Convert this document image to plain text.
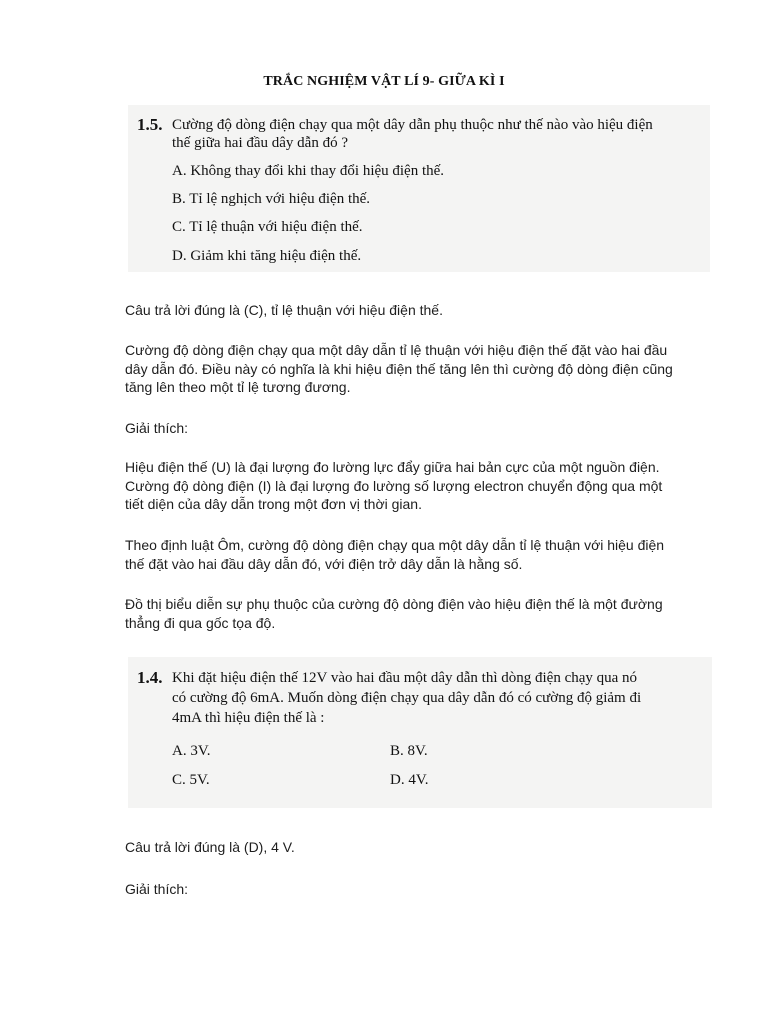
TRẮC NGHIỆM VẬT LÍ 9- GIỮA KÌ I
1.5. Cường độ dòng điện chạy qua một dây dẫn phụ thuộc như thế nào vào hiệu điện
thế giữa hai đầu dây dẫn đó ?
A. Không thay đổi khi thay đổi hiệu điện thế.
B. Tỉ lệ nghịch với hiệu điện thế.
C. Tỉ lệ thuận với hiệu điện thế.
D. Giảm khi tăng hiệu điện thế.
Câu trả lời đúng là (C), tỉ lệ thuận với hiệu điện thế.
Cường độ dòng điện chạy qua một dây dẫn tỉ lệ thuận với hiệu điện thế đặt vào hai đầu
dây dẫn đó. Điều này có nghĩa là khi hiệu điện thế tăng lên thì cường độ dòng điện cũng
tăng lên theo một tỉ lệ tương đương.
Giải thích:
Hiệu điện thế (U) là đại lượng đo lường lực đẩy giữa hai bản cực của một nguồn điện.
Cường độ dòng điện (I) là đại lượng đo lường số lượng electron chuyển động qua một
tiết diện của dây dẫn trong một đơn vị thời gian.
Theo định luật Ôm, cường độ dòng điện chạy qua một dây dẫn tỉ lệ thuận với hiệu điện
thế đặt vào hai đầu dây dẫn đó, với điện trở dây dẫn là hằng số.
Đồ thị biểu diễn sự phụ thuộc của cường độ dòng điện vào hiệu điện thế là một đường
thẳng đi qua gốc tọa độ.
1.4. Khi đặt hiệu điện thế 12V vào hai đầu một dây dẫn thì dòng điện chạy qua nó
có cường độ 6mA. Muốn dòng điện chạy qua dây dẫn đó có cường độ giảm đi
4mA thì hiệu điện thế là :
A. 3V.	B. 8V.
C. 5V.	D. 4V.
Câu trả lời đúng là (D), 4 V.
Giải thích:
